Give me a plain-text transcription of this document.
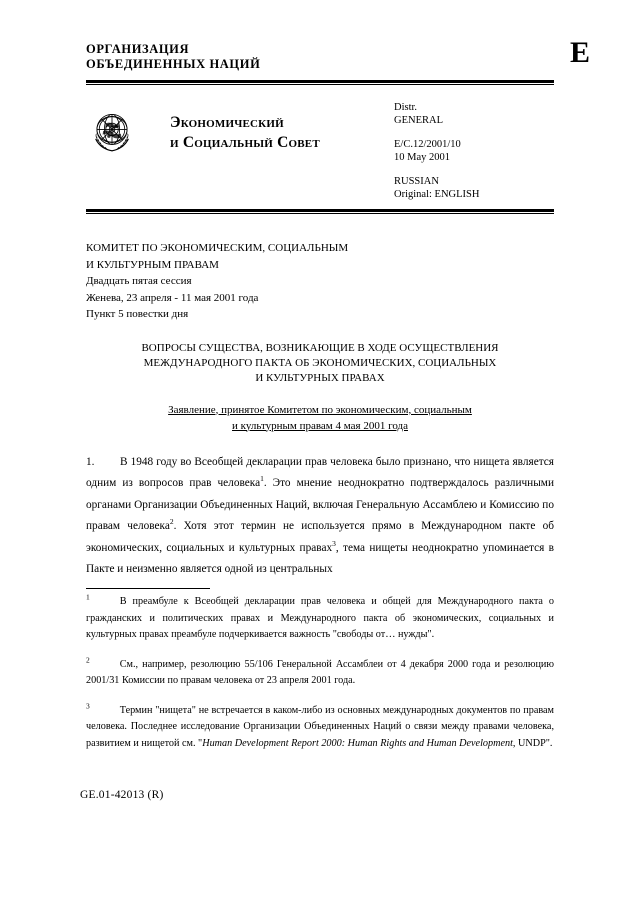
ОРГАНИЗАЦИЯ
ОБЪЕДИНЕННЫХ НАЦИЙ	E
Экономический
и Социальный Совет
Distr.
GENERAL
E/C.12/2001/10
10 May 2001
RUSSIAN
Original: ENGLISH
КОМИТЕТ ПО ЭКОНОМИЧЕСКИМ, СОЦИАЛЬНЫМ
И КУЛЬТУРНЫМ ПРАВАМ
Двадцать пятая сессия
Женева, 23 апреля - 11 мая 2001 года
Пункт 5 повестки дня
ВОПРОСЫ СУЩЕСТВА, ВОЗНИКАЮЩИЕ В ХОДЕ ОСУЩЕСТВЛЕНИЯ
МЕЖДУНАРОДНОГО ПАКТА ОБ ЭКОНОМИЧЕСКИХ, СОЦИАЛЬНЫХ
И КУЛЬТУРНЫХ ПРАВАХ
Заявление, принятое Комитетом по экономическим, социальным
и культурным правам 4 мая 2001 года
1. В 1948 году во Всеобщей декларации прав человека было признано, что нищета является одним из вопросов прав человека$^1$. Это мнение неоднократно подтверждалось различными органами Организации Объединенных Наций, включая Генеральную Ассамблею и Комиссию по правам человека$^2$. Хотя этот термин не используется прямо в Международном пакте об экономических, социальных и культурных правах$^3$, тема нищеты неоднократно упоминается в Пакте и неизменно является одной из центральных
$^1$	В преамбуле к Всеобщей декларации прав человека и общей для Международного пакта о гражданских и политических правах и Международного пакта об экономических, социальных и культурных правах преамбуле подчеркивается важность "свободы от… нужды".
$^2$	См., например, резолюцию 55/106 Генеральной Ассамблеи от 4 декабря 2000 года и резолюцию 2001/31 Комиссии по правам человека от 23 апреля 2001 года.
$^3$	Термин "нищета" не встречается в каком-либо из основных международных документов по правам человека. Последнее исследование Организации Объединенных Наций о связи между правами человека, развитием и нищетой см. "Human Development Report 2000: Human Rights and Human Development, UNDP".
GE.01-42013 (R)
